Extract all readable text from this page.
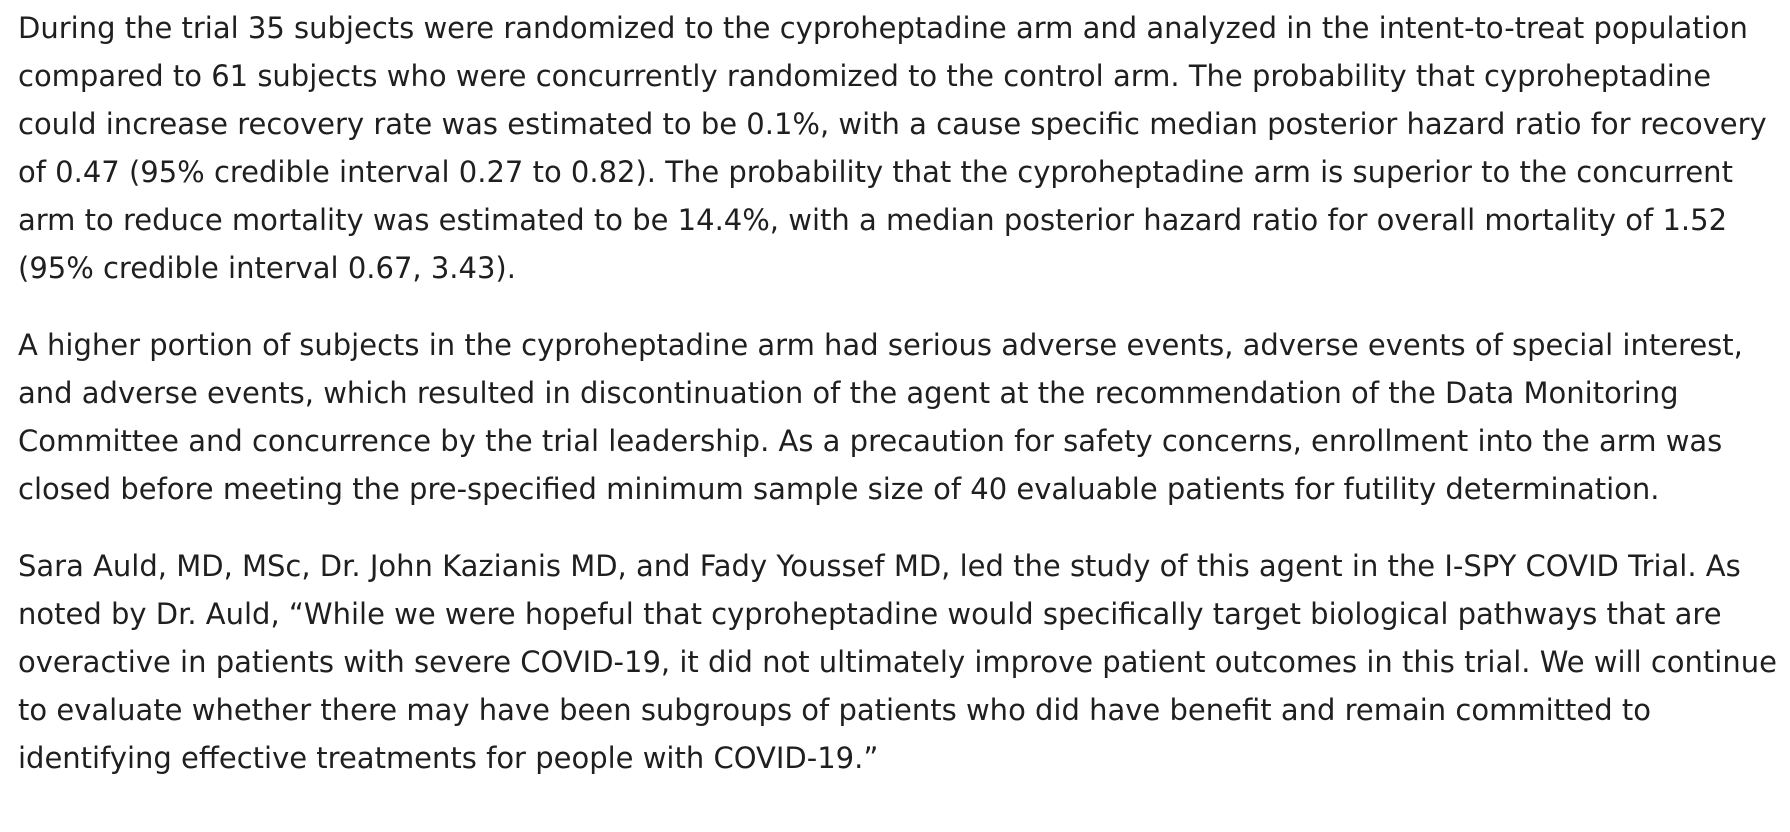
During the trial 35 subjects were randomized to the cyproheptadine arm and analyzed in the intent-to-treat population compared to 61 subjects who were concurrently randomized to the control arm. The probability that cyproheptadine could increase recovery rate was estimated to be 0.1%, with a cause specific median posterior hazard ratio for recovery of 0.47 (95% credible interval 0.27 to 0.82). The probability that the cyproheptadine arm is superior to the concurrent arm to reduce mortality was estimated to be 14.4%, with a median posterior hazard ratio for overall mortality of 1.52 (95% credible interval 0.67, 3.43).

A higher portion of subjects in the cyproheptadine arm had serious adverse events, adverse events of special interest, and adverse events, which resulted in discontinuation of the agent at the recommendation of the Data Monitoring Committee and concurrence by the trial leadership. As a precaution for safety concerns, enrollment into the arm was closed before meeting the pre-specified minimum sample size of 40 evaluable patients for futility determination.

Sara Auld, MD, MSc, Dr. John Kazianis MD, and Fady Youssef MD, led the study of this agent in the I-SPY COVID Trial. As noted by Dr. Auld, “While we were hopeful that cyproheptadine would specifically target biological pathways that are overactive in patients with severe COVID-19, it did not ultimately improve patient outcomes in this trial. We will continue to evaluate whether there may have been subgroups of patients who did have benefit and remain committed to identifying effective treatments for people with COVID-19.”
